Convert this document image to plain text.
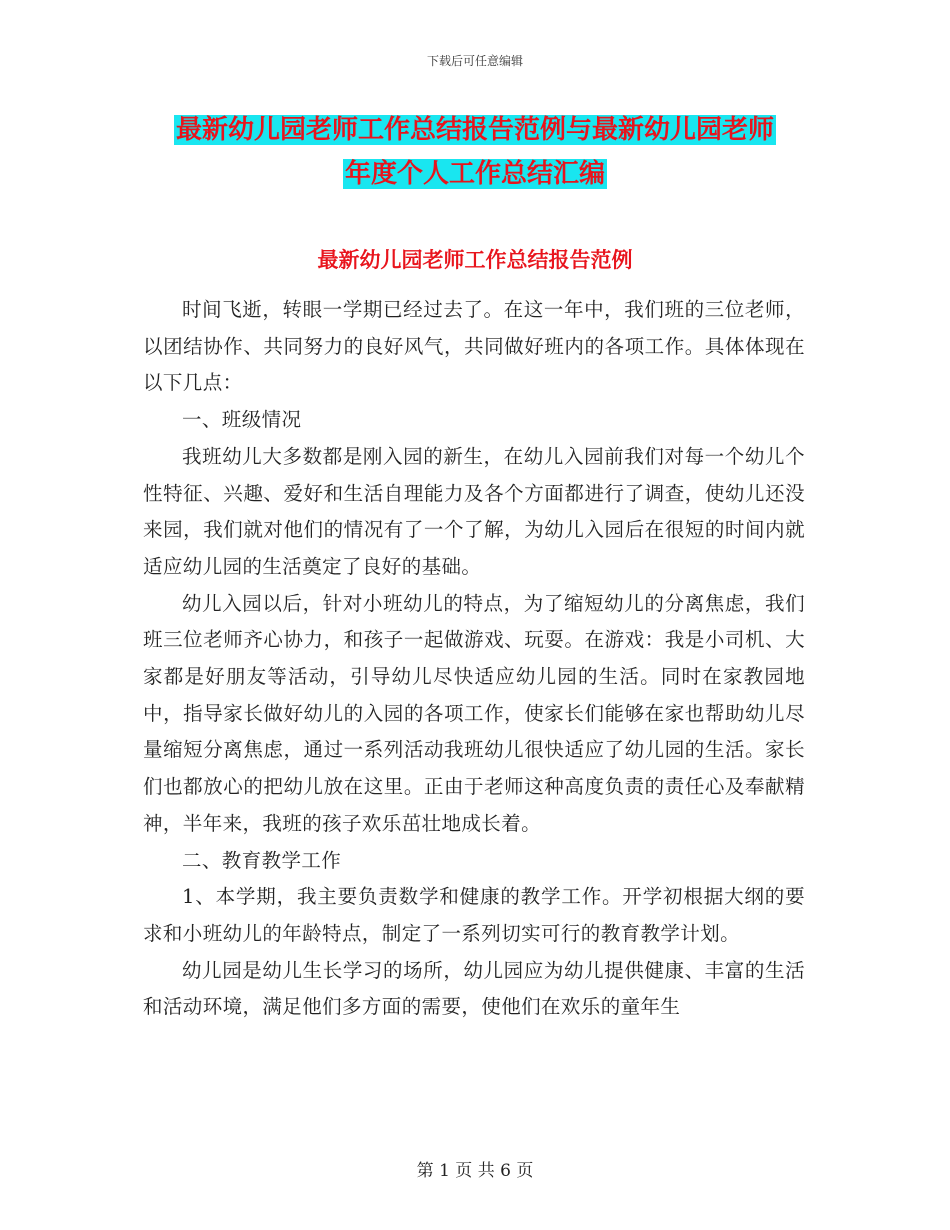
下载后可任意编辑
最新幼儿园老师工作总结报告范例与最新幼儿园老师
年度个人工作总结汇编
最新幼儿园老师工作总结报告范例

时间飞逝，转眼一学期已经过去了。在这一年中，我们班的三位老师，以团结协作、共同努力的良好风气，共同做好班内的各项工作。具体体现在以下几点：

一、班级情况

我班幼儿大多数都是刚入园的新生，在幼儿入园前我们对每一个幼儿个性特征、兴趣、爱好和生活自理能力及各个方面都进行了调查，使幼儿还没来园，我们就对他们的情况有了一个了解，为幼儿入园后在很短的时间内就适应幼儿园的生活奠定了良好的基础。

幼儿入园以后，针对小班幼儿的特点，为了缩短幼儿的分离焦虑，我们班三位老师齐心协力，和孩子一起做游戏、玩耍。在游戏：我是小司机、大家都是好朋友等活动，引导幼儿尽快适应幼儿园的生活。同时在家教园地中，指导家长做好幼儿的入园的各项工作，使家长们能够在家也帮助幼儿尽量缩短分离焦虑，通过一系列活动我班幼儿很快适应了幼儿园的生活。家长们也都放心的把幼儿放在这里。正由于老师这种高度负责的责任心及奉献精神，半年来，我班的孩子欢乐茁壮地成长着。

二、教育教学工作

1、本学期，我主要负责数学和健康的教学工作。开学初根据大纲的要求和小班幼儿的年龄特点，制定了一系列切实可行的教育教学计划。

幼儿园是幼儿生长学习的场所，幼儿园应为幼儿提供健康、丰富的生活和活动环境，满足他们多方面的需要，使他们在欢乐的童年生

第 1 页 共 6 页
